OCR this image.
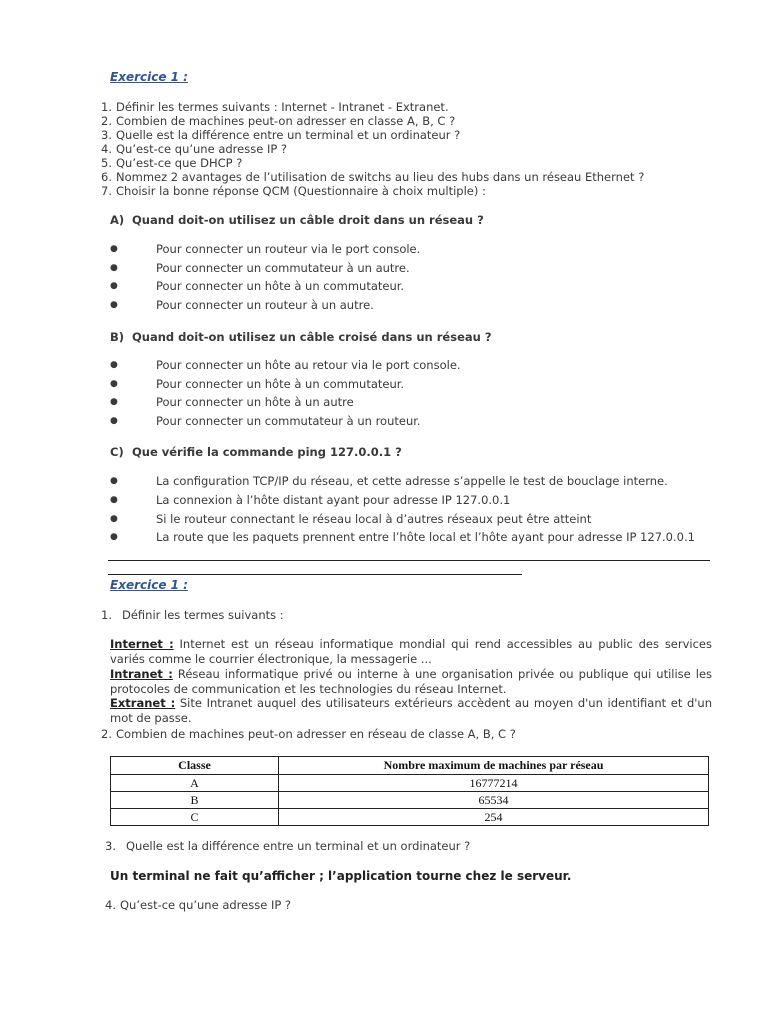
Exercice 1 :
1. Définir les termes suivants : Internet - Intranet - Extranet.
2. Combien de machines peut-on adresser en classe A, B, C ?
3. Quelle est la différence entre un terminal et un ordinateur ?
4. Qu’est-ce qu’une adresse IP ?
5. Qu’est-ce que DHCP ?
6. Nommez 2 avantages de l’utilisation de switchs au lieu des hubs dans un réseau Ethernet ?
7. Choisir la bonne réponse QCM (Questionnaire à choix multiple) :
A) Quand doit-on utilisez un câble droit dans un réseau ?
●	Pour connecter un routeur via le port console.
●	Pour connecter un commutateur à un autre.
●	Pour connecter un hôte à un commutateur.
●	Pour connecter un routeur à un autre.
B) Quand doit-on utilisez un câble croisé dans un réseau ?
●	Pour connecter un hôte au retour via le port console.
●	Pour connecter un hôte à un commutateur.
●	Pour connecter un hôte à un autre
●	Pour connecter un commutateur à un routeur.
C) Que vérifie la commande ping 127.0.0.1 ?
●	La configuration TCP/IP du réseau, et cette adresse s’appelle le test de bouclage interne.
●	La connexion à l’hôte distant ayant pour adresse IP 127.0.0.1
●	Si le routeur connectant le réseau local à d’autres réseaux peut être atteint
●	La route que les paquets prennent entre l’hôte local et l’hôte ayant pour adresse IP 127.0.0.1
Exercice 1 :
1. Définir les termes suivants :
Internet : Internet est un réseau informatique mondial qui rend accessibles au public des services variés comme le courrier électronique, la messagerie ...
Intranet : Réseau informatique privé ou interne à une organisation privée ou publique qui utilise les protocoles de communication et les technologies du réseau Internet.
Extranet : Site Intranet auquel des utilisateurs extérieurs accèdent au moyen d'un identifiant et d'un mot de passe.
2. Combien de machines peut-on adresser en réseau de classe A, B, C ?
Classe	Nombre maximum de machines par réseau
A	16777214
B	65534
C	254
3. Quelle est la différence entre un terminal et un ordinateur ?
Un terminal ne fait qu’afficher ; l’application tourne chez le serveur.
4. Qu’est-ce qu’une adresse IP ?
